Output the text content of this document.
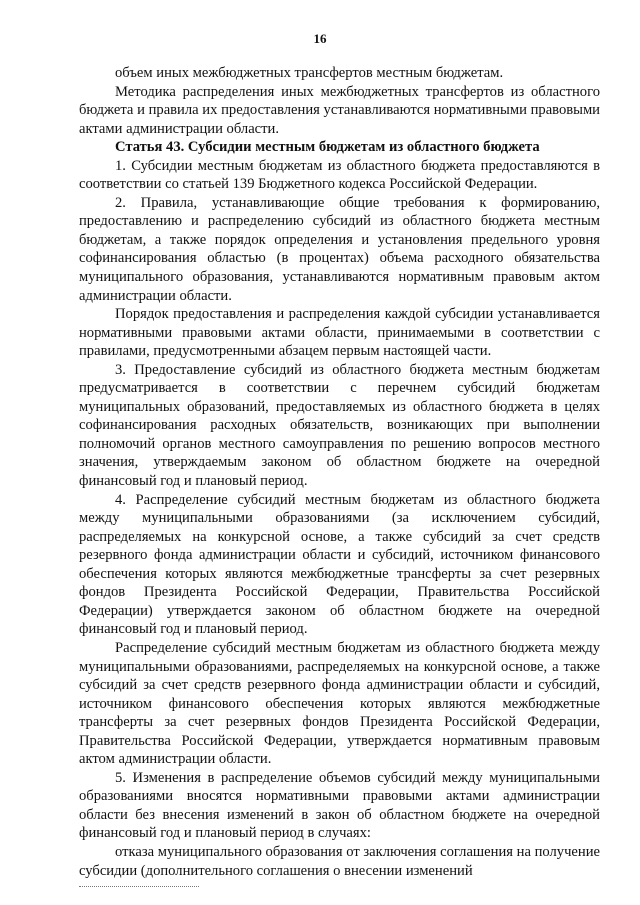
16

объем иных межбюджетных трансфертов местным бюджетам.

Методика распределения иных межбюджетных трансфертов из областного бюджета и правила их предоставления устанавливаются нормативными правовыми актами администрации области.

Статья 43. Субсидии местным бюджетам из областного бюджета

1. Субсидии местным бюджетам из областного бюджета предоставляются в соответствии со статьей 139 Бюджетного кодекса Российской Федерации.

2. Правила, устанавливающие общие требования к формированию, предоставлению и распределению субсидий из областного бюджета местным бюджетам, а также порядок определения и установления предельного уровня софинансирования областью (в процентах) объема расходного обязательства муниципального образования, устанавливаются нормативным правовым актом администрации области.

Порядок предоставления и распределения каждой субсидии устанавливается нормативными правовыми актами области, принимаемыми в соответствии с правилами, предусмотренными абзацем первым настоящей части.

3. Предоставление субсидий из областного бюджета местным бюджетам предусматривается в соответствии с перечнем субсидий бюджетам муниципальных образований, предоставляемых из областного бюджета в целях софинансирования расходных обязательств, возникающих при выполнении полномочий органов местного самоуправления по решению вопросов местного значения, утверждаемым законом об областном бюджете на очередной финансовый год и плановый период.

4. Распределение субсидий местным бюджетам из областного бюджета между муниципальными образованиями (за исключением субсидий, распределяемых на конкурсной основе, а также субсидий за счет средств резервного фонда администрации области и субсидий, источником финансового обеспечения которых являются межбюджетные трансферты за счет резервных фондов Президента Российской Федерации, Правительства Российской Федерации) утверждается законом об областном бюджете на очередной финансовый год и плановый период.

Распределение субсидий местным бюджетам из областного бюджета между муниципальными образованиями, распределяемых на конкурсной основе, а также субсидий за счет средств резервного фонда администрации области и субсидий, источником финансового обеспечения которых являются межбюджетные трансферты за счет резервных фондов Президента Российской Федерации, Правительства Российской Федерации, утверждается нормативным правовым актом администрации области.

5. Изменения в распределение объемов субсидий между муниципальными образованиями вносятся нормативными правовыми актами администрации области без внесения изменений в закон об областном бюджете на очередной финансовый год и плановый период в случаях:

отказа муниципального образования от заключения соглашения на получение субсидии (дополнительного соглашения о внесении изменений
